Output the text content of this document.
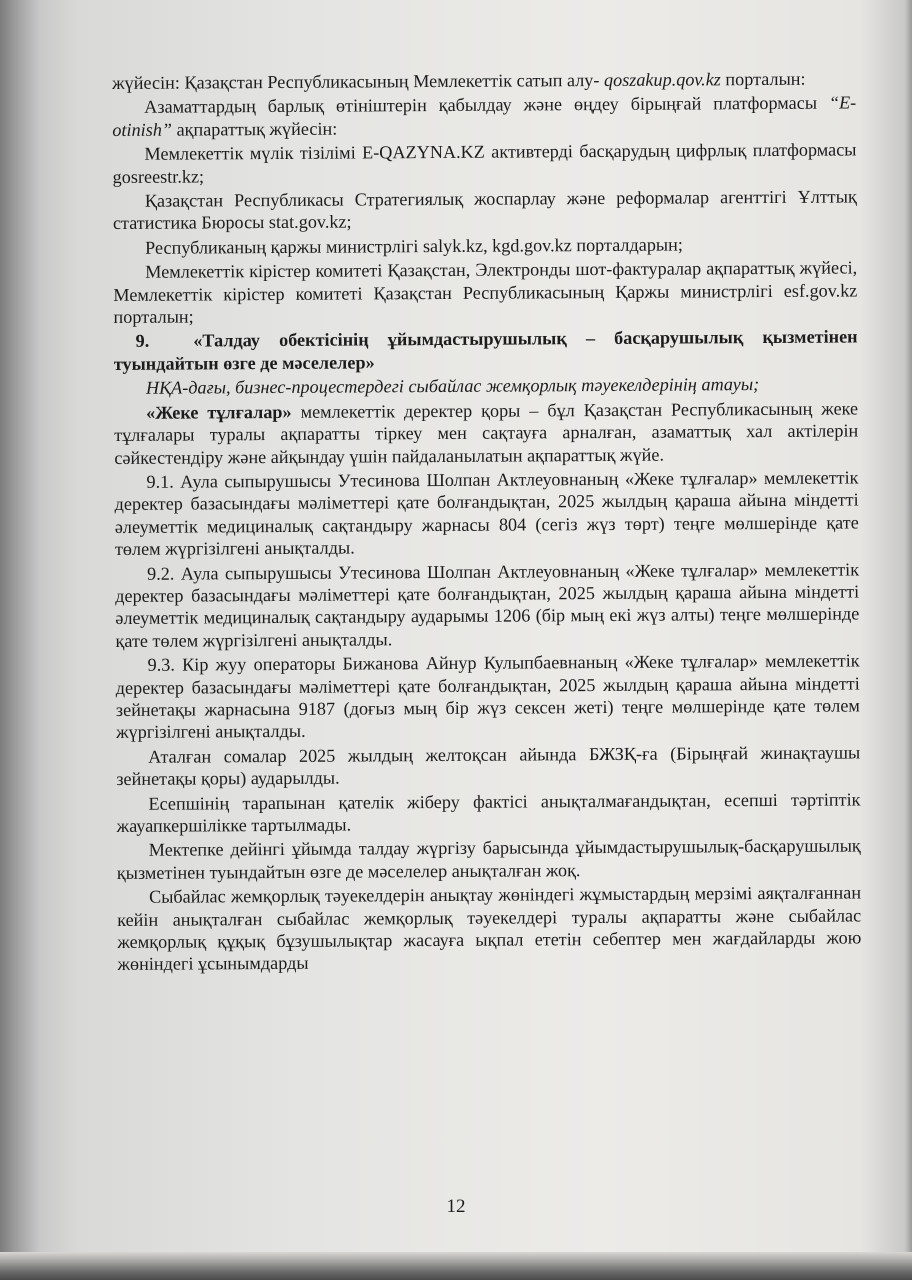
жүйесін: Қазақстан Республикасының Мемлекеттік сатып алу- qoszakup.qov.kz порталын:

Азаматтардың барлық өтініштерін қабылдау және өңдеу бірыңғай платформасы “E-otinish” ақпараттық жүйесін:

Мемлекеттік мүлік тізілімі E-QAZYNA.KZ активтерді басқарудың цифрлық платформасы gosreestr.kz;

Қазақстан Республикасы Стратегиялық жоспарлау және реформалар агенттігі Ұлттық статистика Бюросы stat.gov.kz;

Республиканың қаржы министрлігі salyk.kz, kgd.gov.kz порталдарын;

Мемлекеттік кірістер комитеті Қазақстан, Электронды шот-фактуралар ақпараттық жүйесі, Мемлекеттік кірістер комитеті Қазақстан Республикасының Қаржы министрлігі esf.gov.kz порталын;

9. «Талдау обектісінің ұйымдастырушылық – басқарушылық қызметінен туындайтын өзге де мәселелер»

НҚА-дағы, бизнес-процестердегі сыбайлас жемқорлық тәуекелдерінің атауы;

«Жеке тұлғалар» мемлекеттік деректер қоры – бұл Қазақстан Республикасының жеке тұлғалары туралы ақпаратты тіркеу мен сақтауға арналған, азаматтық хал актілерін сәйкестендіру және айқындау үшін пайдаланылатын ақпараттық жүйе.

9.1. Аула сыпырушысы Утесинова Шолпан Актлеуовнаның «Жеке тұлғалар» мемлекеттік деректер базасындағы мәліметтері қате болғандықтан, 2025 жылдың қараша айына міндетті әлеуметтік медициналық сақтандыру жарнасы 804 (сегіз жүз төрт) теңге мөлшерінде қате төлем жүргізілгені анықталды.

9.2. Аула сыпырушысы Утесинова Шолпан Актлеуовнаның «Жеке тұлғалар» мемлекеттік деректер базасындағы мәліметтері қате болғандықтан, 2025 жылдың қараша айына міндетті әлеуметтік медициналық сақтандыру аударымы 1206 (бір мың екі жүз алты) теңге мөлшерінде қате төлем жүргізілгені анықталды.

9.3. Кір жуу операторы Бижанова Айнур Кулыпбаевнаның «Жеке тұлғалар» мемлекеттік деректер базасындағы мәліметтері қате болғандықтан, 2025 жылдың қараша айына міндетті зейнетақы жарнасына 9187 (доғыз мың бір жүз сексен жеті) теңге мөлшерінде қате төлем жүргізілгені анықталды.

Аталған сомалар 2025 жылдың желтоқсан айында БЖЗҚ-ға (Бірыңғай жинақтаушы зейнетақы қоры) аударылды.

Есепшінің тарапынан қателік жіберу фактісі анықталмағандықтан, есепші тәртіптік жауапкершілікке тартылмады.

Мектепке дейінгі ұйымда талдау жүргізу барысында ұйымдастырушылық-басқарушылық қызметінен туындайтын өзге де мәселелер анықталған жоқ.

Сыбайлас жемқорлық тәуекелдерін анықтау жөніндегі жұмыстардың мерзімі аяқталғаннан кейін анықталған сыбайлас жемқорлық тәуекелдері туралы ақпаратты және сыбайлас жемқорлық құқық бұзушылықтар жасауға ықпал ететін себептер мен жағдайларды жою жөніндегі ұсынымдарды

12
